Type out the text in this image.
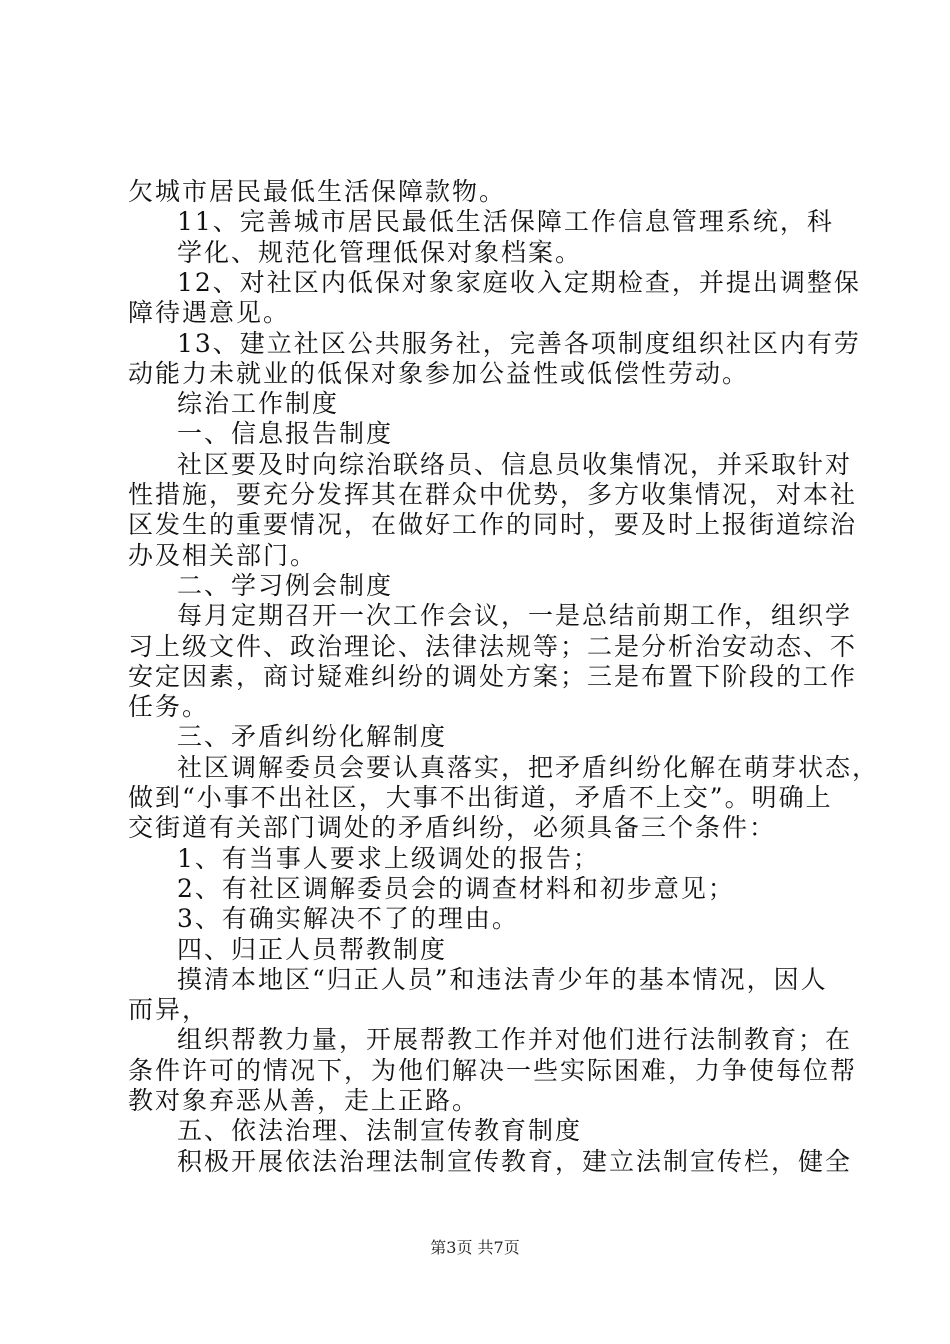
欠城市居民最低生活保障款物。
11、完善城市居民最低生活保障工作信息管理系统，科
学化、规范化管理低保对象档案。
12、对社区内低保对象家庭收入定期检查，并提出调整保
障待遇意见。
13、建立社区公共服务社，完善各项制度组织社区内有劳
动能力未就业的低保对象参加公益性或低偿性劳动。
综治工作制度
一、信息报告制度
社区要及时向综治联络员、信息员收集情况，并采取针对
性措施，要充分发挥其在群众中优势，多方收集情况，对本社
区发生的重要情况，在做好工作的同时，要及时上报街道综治
办及相关部门。
二、学习例会制度
每月定期召开一次工作会议，一是总结前期工作，组织学
习上级文件、政治理论、法律法规等；二是分析治安动态、不
安定因素，商讨疑难纠纷的调处方案；三是布置下阶段的工作
任务。
三、矛盾纠纷化解制度
社区调解委员会要认真落实，把矛盾纠纷化解在萌芽状态，
做到“小事不出社区，大事不出街道，矛盾不上交”。明确上
交街道有关部门调处的矛盾纠纷，必须具备三个条件：
1、有当事人要求上级调处的报告；
2、有社区调解委员会的调查材料和初步意见；
3、有确实解决不了的理由。
四、归正人员帮教制度
摸清本地区“归正人员”和违法青少年的基本情况，因人
而异，
组织帮教力量，开展帮教工作并对他们进行法制教育；在
条件许可的情况下，为他们解决一些实际困难，力争使每位帮
教对象弃恶从善，走上正路。
五、依法治理、法制宣传教育制度
积极开展依法治理法制宣传教育，建立法制宣传栏，健全
第3页 共7页
